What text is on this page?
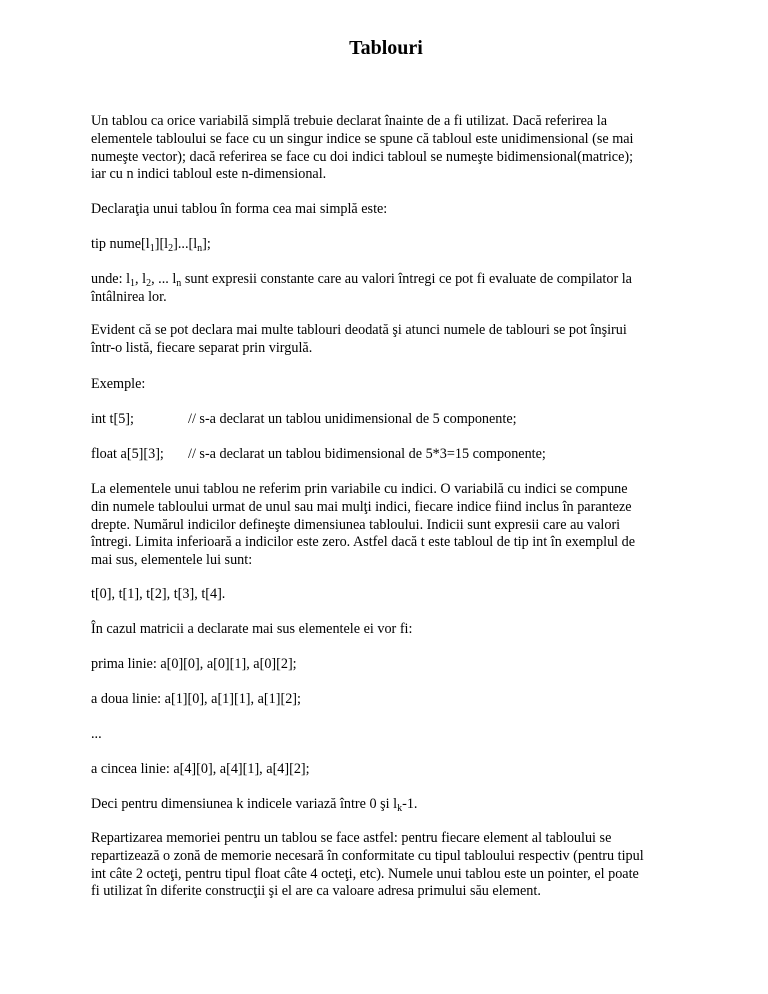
Tablouri
Un tablou ca orice variabilă simplă trebuie declarat înainte de a fi utilizat. Dacă referirea la
elementele tabloului se face cu un singur indice se spune că tabloul este unidimensional (se mai
numeşte vector); dacă referirea se face cu doi indici tabloul se numeşte bidimensional(matrice);
iar cu n indici tabloul este n-dimensional.
Declaraţia unui tablou în forma cea mai simplă este:
tip $nume[l_1][l_2]...[l_n]$;
unde: $l_1$, $l_2$, ... $l_n$ sunt expresii constante care au valori întregi ce pot fi evaluate de compilator la
întâlnirea lor.
Evident că se pot declara mai multe tablouri deodată şi atunci numele de tablouri se pot înşirui
într-o listă, fiecare separat prin virgulă.
Exemple:
int t[5];	// s-a declarat un tablou unidimensional de 5 componente;
float a[5][3]; // s-a declarat un tablou bidimensional de 5*3=15 componente;
La elementele unui tablou ne referim prin variabile cu indici. O variabilă cu indici se compune
din numele tabloului urmat de unul sau mai mulţi indici, fiecare indice fiind inclus în paranteze
drepte. Numărul indicilor defineşte dimensiunea tabloului. Indicii sunt expresii care au valori
întregi. Limita inferioară a indicilor este zero. Astfel dacă t este tabloul de tip int în exemplul de
mai sus, elementele lui sunt:
t[0], t[1], t[2], t[3], t[4].
În cazul matricii a declarate mai sus elementele ei vor fi:
prima linie: a[0][0], a[0][1], a[0][2];
a doua linie: a[1][0], a[1][1], a[1][2];
...
a cincea linie: a[4][0], a[4][1], a[4][2];
Deci pentru dimensiunea k indicele variază între 0 şi $l_k-1$.
Repartizarea memoriei pentru un tablou se face astfel: pentru fiecare element al tabloului se
repartizează o zonă de memorie necesară în conformitate cu tipul tabloului respectiv (pentru tipul
int câte 2 octeţi, pentru tipul float câte 4 octeţi, etc). Numele unui tablou este un pointer, el poate
fi utilizat în diferite construcţii şi el are ca valoare adresa primului său element.
